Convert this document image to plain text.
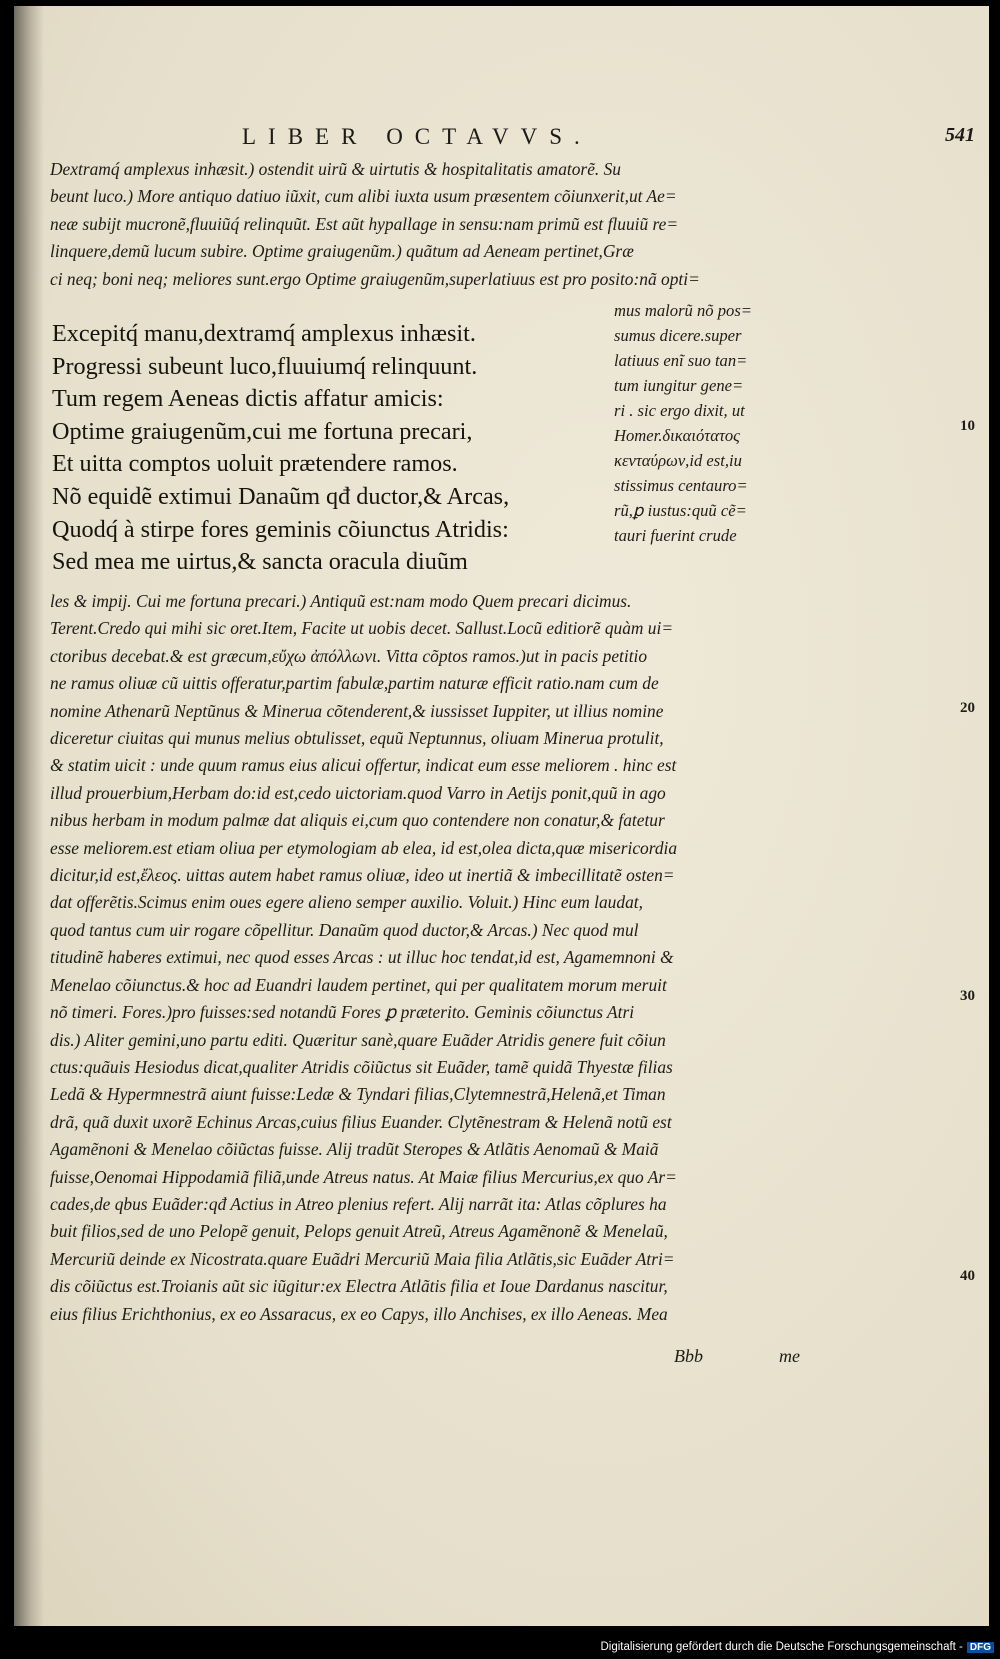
LIBER OCTAVVS.	541
Dextramq́ amplexus inhæsit.) ostendit uirũ & uirtutis & hospitalitatis amatorẽ. Su
beunt luco.) More antiquo datiuo iũxit, cum alibi iuxta usum præsentem cõiunxerit,ut Ae=
neæ subijt mucronẽ,fluuiũq́ relinquũt. Est aũt hypallage in sensu:nam primũ est fluuiũ re=
linquere,demũ lucum subire. Optime graiugenũm.) quãtum ad Aeneam pertinet,Græ
ci neq; boni neq; meliores sunt.ergo Optime graiugenũm,superlatiuus est pro posito:nã opti=
Excepitq́ manu,dextramq́ amplexus inhæsit.
Progressi subeunt luco,fluuiumq́ relinquunt.
Tum regem Aeneas dictis affatur amicis:
Optime graiugenũm,cui me fortuna precari,
Et uitta comptos uoluit prætendere ramos.
Nõ equidẽ extimui Danaũm qđ ductor,& Arcas,
Quodq́ à stirpe fores geminis cõiunctus Atridis:
Sed mea me uirtus,& sancta oracula diuũm
mus malorũ nõ pos=
sumus dicere.super
latiuus enĩ suo tan=
tum iungitur gene=
ri . sic ergo dixit, ut
Homer.δικαιότατος
κενταύρων,id est,iu
stissimus centauro=
rũ,ꝑ iustus:quũ cẽ=
tauri fuerint crude
10
20
30
40
les & impij. Cui me fortuna precari.) Antiquũ est:nam modo Quem precari dicimus.
Terent.Credo qui mihi sic oret.Item, Facite ut uobis decet. Sallust.Locũ editiorẽ quàm ui=
ctoribus decebat.& est græcum,εὔχω ἀπόλλωνι. Vitta cõptos ramos.)ut in pacis petitio
ne ramus oliuæ cũ uittis offeratur,partim fabulæ,partim naturæ efficit ratio.nam cum de
nomine Athenarũ Neptũnus & Minerua cõtenderent,& iussisset Iuppiter, ut illius nomine
diceretur ciuitas qui munus melius obtulisset, equũ Neptunnus, oliuam Minerua protulit,
& statim uicit : unde quum ramus eius alicui offertur, indicat eum esse meliorem . hinc est
illud prouerbium,Herbam do:id est,cedo uictoriam.quod Varro in Aetijs ponit,quũ in ago
nibus herbam in modum palmæ dat aliquis ei,cum quo contendere non conatur,& fatetur
esse meliorem.est etiam oliua per etymologiam ab elea, id est,olea dicta,quæ misericordia
dicitur,id est,ἔλεος. uittas autem habet ramus oliuæ, ideo ut inertiã & imbecillitatẽ osten=
dat offerẽtis.Scimus enim oues egere alieno semper auxilio. Voluit.) Hinc eum laudat,
quod tantus cum uir rogare cõpellitur. Danaũm quod ductor,& Arcas.) Nec quod mul
titudinẽ haberes extimui, nec quod esses Arcas : ut illuc hoc tendat,id est, Agamemnoni &
Menelao cõiunctus.& hoc ad Euandri laudem pertinet, qui per qualitatem morum meruit
nõ timeri. Fores.)pro fuisses:sed notandũ Fores ꝑ præterito. Geminis cõiunctus Atri
dis.) Aliter gemini,uno partu editi. Quæritur sanè,quare Euãder Atridis genere fuit cõiun
ctus:quãuis Hesiodus dicat,qualiter Atridis cõiũctus sit Euãder, tamẽ quidã Thyestæ filias
Ledã & Hypermnestrã aiunt fuisse:Ledæ & Tyndari filias,Clytemnestrã,Helenã,et Timan
drã, quã duxit uxorẽ Echinus Arcas,cuius filius Euander. Clytẽnestram & Helenã notũ est
Agamẽnoni & Menelao cõiũctas fuisse. Alij tradũt Steropes & Atlãtis Aenomaũ & Maiã
fuisse,Oenomai Hippodamiã filiã,unde Atreus natus. At Maiæ filius Mercurius,ex quo Ar=
cades,de qbus Euãder:qđ Actius in Atreo plenius refert. Alij narrãt ita: Atlas cõplures ha
buit filios,sed de uno Pelopẽ genuit, Pelops genuit Atreũ, Atreus Agamẽnonẽ & Menelaũ,
Mercuriũ deinde ex Nicostrata.quare Euãdri Mercuriũ Maia filia Atlãtis,sic Euãder Atri=
dis cõiũctus est.Troianis aũt sic iũgitur:ex Electra Atlãtis filia et Ioue Dardanus nascitur,
eius filius Erichthonius, ex eo Assaracus, ex eo Capys, illo Anchises, ex illo Aeneas. Mea
Bbb	me
Digitalisierung gefördert durch die Deutsche Forschungsgemeinschaft - DFG
